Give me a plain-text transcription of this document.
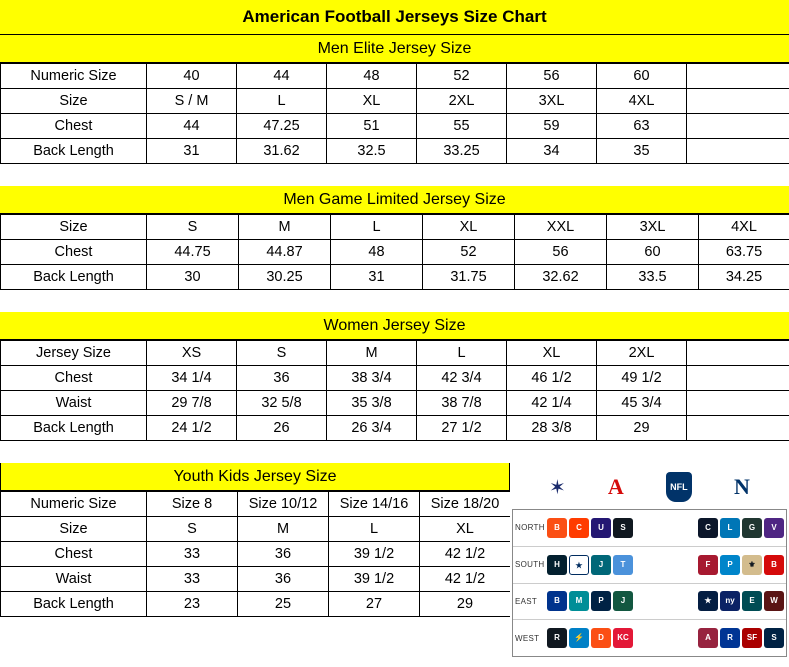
American Football Jerseys Size Chart
Men Elite Jersey Size
Numeric Size	40	44	48	52	56	60	
Size	S / M	L	XL	2XL	3XL	4XL	
Chest	44	47.25	51	55	59	63	
Back Length	31	31.62	32.5	33.25	34	35	
Men Game Limited Jersey Size
Size	S	M	L	XL	XXL	3XL	4XL
Chest	44.75	44.87	48	52	56	60	63.75
Back Length	30	30.25	31	31.75	32.62	33.5	34.25
Women Jersey Size
Jersey Size	XS	S	M	L	XL	2XL	
Chest	34 1/4	36	38 3/4	42 3/4	46 1/2	49 1/2	
Waist	29 7/8	32 5/8	35 3/8	38 7/8	42 1/4	45 3/4	
Back Length	24 1/2	26	26 3/4	27 1/2	28 3/8	29	
Youth Kids Jersey Size
Numeric Size	Size 8	Size 10/12	Size 14/16	Size 18/20
Size	S	M	L	XL
Chest	33	36	39 1/2	42 1/2
Waist	33	36	39 1/2	42 1/2
Back Length	23	25	27	29
✶ A	NFL N
NORTH	B	C	U	S	C	L	G	V
SOUTH	H	★	J	T	F	P	⚜	B
EAST	B	M	P	J	★	ny	E	W
WEST	R	⚡	D	KC	A	R	SF	S
